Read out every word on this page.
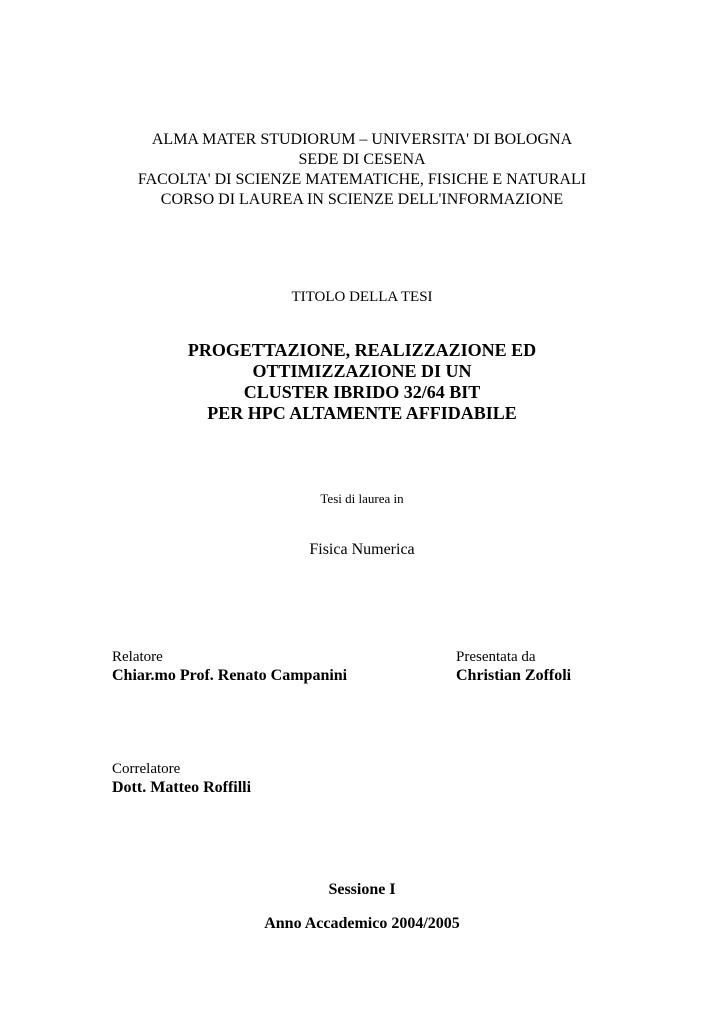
ALMA MATER STUDIORUM – UNIVERSITA' DI BOLOGNA
SEDE DI CESENA
FACOLTA' DI SCIENZE MATEMATICHE, FISICHE E NATURALI
CORSO DI LAUREA IN SCIENZE DELL'INFORMAZIONE
TITOLO DELLA TESI
PROGETTAZIONE, REALIZZAZIONE ED
OTTIMIZZAZIONE DI UN
CLUSTER IBRIDO 32/64 BIT
PER HPC ALTAMENTE AFFIDABILE
Tesi di laurea in
Fisica Numerica
Relatore
Chiar.mo Prof. Renato Campanini
Presentata da
Christian Zoffoli
Correlatore
Dott. Matteo Roffilli
Sessione I
Anno Accademico 2004/2005
